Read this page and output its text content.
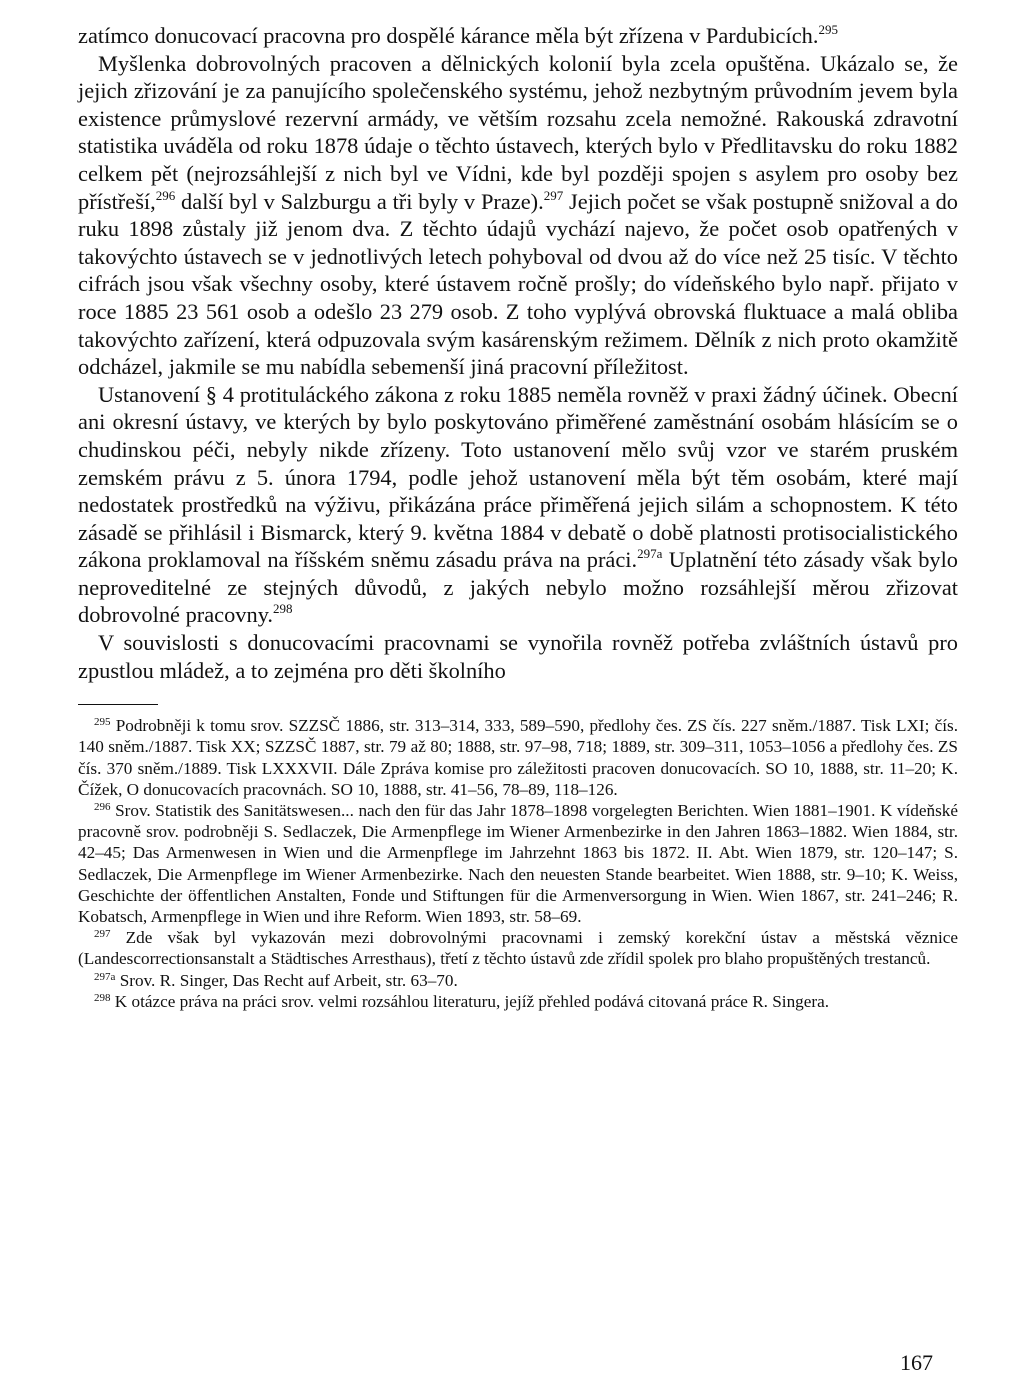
zatímco donucovací pracovna pro dospělé kárance měla být zřízena v Pardubicích.$^{295}$

Myšlenka dobrovolných pracoven a dělnických kolonií byla zcela opuštěna. Ukázalo se, že jejich zřizování je za panujícího společenského systému, jehož nezbytným průvodním jevem byla existence průmyslové rezervní armády, ve větším rozsahu zcela nemožné. Rakouská zdravotní statistika uváděla od roku 1878 údaje o těchto ústavech, kterých bylo v Předlitavsku do roku 1882 celkem pět (nejrozsáhlejší z nich byl ve Vídni, kde byl později spojen s asylem pro osoby bez přístřeší,$^{296}$ další byl v Salzburgu a tři byly v Praze).$^{297}$ Jejich počet se však postupně snižoval a do ruku 1898 zůstaly již jenom dva. Z těchto údajů vychází najevo, že počet osob opatřených v takovýchto ústavech se v jednotlivých letech pohyboval od dvou až do více než 25 tisíc. V těchto cifrách jsou však všechny osoby, které ústavem ročně prošly; do vídeňského bylo např. přijato v roce 1885 23 561 osob a odešlo 23 279 osob. Z toho vyplývá obrovská fluktuace a malá obliba takovýchto zařízení, která odpuzovala svým kasárenským režimem. Dělník z nich proto okamžitě odcházel, jakmile se mu nabídla sebemenší jiná pracovní příležitost.

Ustanovení § 4 protituláckého zákona z roku 1885 neměla rovněž v praxi žádný účinek. Obecní ani okresní ústavy, ve kterých by bylo poskytováno přiměřené zaměstnání osobám hlásícím se o chudinskou péči, nebyly nikde zřízeny. Toto ustanovení mělo svůj vzor ve starém pruském zemském právu z 5. února 1794, podle jehož ustanovení měla být těm osobám, které mají nedostatek prostředků na výživu, přikázána práce přiměřená jejich silám a schopnostem. K této zásadě se přihlásil i Bismarck, který 9. května 1884 v debatě o době platnosti protisocialistického zákona proklamoval na říšském sněmu zásadu práva na práci.$^{297a}$ Uplatnění této zásady však bylo neproveditelné ze stejných důvodů, z jakých nebylo možno rozsáhlejší měrou zřizovat dobrovolné pracovny.$^{298}$

V souvislosti s donucovacími pracovnami se vynořila rovněž potřeba zvláštních ústavů pro zpustlou mládež, a to zejména pro děti školního

$^{295}$ Podrobněji k tomu srov. SZZSČ 1886, str. 313–314, 333, 589–590, předlohy čes. ZS čís. 227 sněm./1887. Tisk LXI; čís. 140 sněm./1887. Tisk XX; SZZSČ 1887, str. 79 až 80; 1888, str. 97–98, 718; 1889, str. 309–311, 1053–1056 a předlohy čes. ZS čís. 370 sněm./1889. Tisk LXXXVII. Dále Zpráva komise pro záležitosti pracoven donucovacích. SO 10, 1888, str. 11–20; K. Čížek, O donucovacích pracovnách. SO 10, 1888, str. 41–56, 78–89, 118–126.

$^{296}$ Srov. Statistik des Sanitätswesen... nach den für das Jahr 1878–1898 vorgelegten Berichten. Wien 1881–1901. K vídeňské pracovně srov. podrobněji S. Sedlaczek, Die Armenpflege im Wiener Armenbezirke in den Jahren 1863–1882. Wien 1884, str. 42–45; Das Armenwesen in Wien und die Armenpflege im Jahrzehnt 1863 bis 1872. II. Abt. Wien 1879, str. 120–147; S. Sedlaczek, Die Armenpflege im Wiener Armenbezirke. Nach den neuesten Stande bearbeitet. Wien 1888, str. 9–10; K. Weiss, Geschichte der öffentlichen Anstalten, Fonde und Stiftungen für die Armenversorgung in Wien. Wien 1867, str. 241–246; R. Kobatsch, Armenpflege in Wien und ihre Reform. Wien 1893, str. 58–69.

$^{297}$ Zde však byl vykazován mezi dobrovolnými pracovnami i zemský korekční ústav a městská věznice (Landescorrectionsanstalt a Städtisches Arresthaus), třetí z těchto ústavů zde zřídil spolek pro blaho propuštěných trestanců.

$^{297a}$ Srov. R. Singer, Das Recht auf Arbeit, str. 63–70.

$^{298}$ K otázce práva na práci srov. velmi rozsáhlou literaturu, jejíž přehled podává citovaná práce R. Singera.

167
